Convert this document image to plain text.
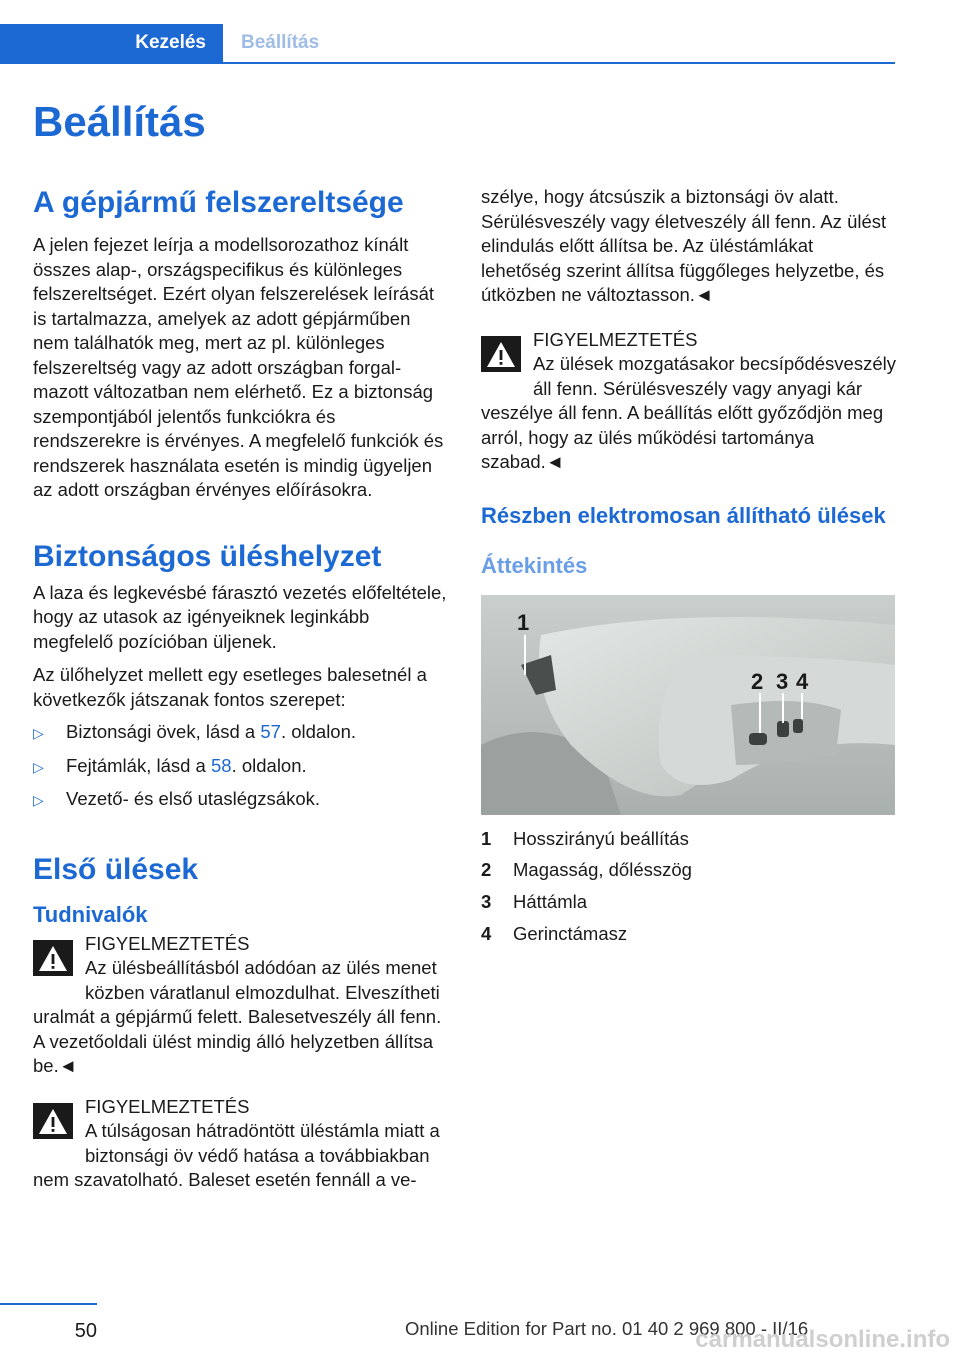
Kezelés	Beállítás
Beállítás
A gépjármű felszereltsége

A jelen fejezet leírja a modellsorozathoz kínált összes alap-, országspecifikus és különleges felszereltséget. Ezért olyan felszerelések leírását is tartalmazza, amelyek az adott gépjárműben nem találhatók meg, mert az pl. különleges felszereltség vagy az adott országban forgalmazott változatban nem elérhető. Ez a biztonság szempontjából jelentős funkciókra és rendszerekre is érvényes. A megfelelő funkciók és rendszerek használata esetén is mindig ügyeljen az adott országban érvényes előírásokra.

Biztonságos üléshelyzet

A laza és legkevésbé fárasztó vezetés előfeltétele, hogy az utasok az igényeiknek leginkább megfelelő pozícióban üljenek.

Az ülőhelyzet mellett egy esetleges balesetnél a következők játszanak fontos szerepet:

▷ Biztonsági övek, lásd a 57. oldalon.
▷ Fejtámlák, lásd a 58. oldalon.
▷ Vezető- és első utaslégzsákok.
Első ülések
Tudnivalók

FIGYELMEZTETÉS

Az ülésbeállításból adódóan az ülés menet közben váratlanul elmozdulhat. Elveszítheti uralmát a gépjármű felett. Balesetveszély áll fenn. A vezetőoldali ülést mindig álló helyzetben állítsa be.◄

FIGYELMEZTETÉS

A túlságosan hátradöntött üléstámla miatt a biztonsági öv védő hatása a továbbiakban nem szavatolható. Baleset esetén fennáll a ve-

szélye, hogy átcsúszik a biztonsági öv alatt. Sérülésveszély vagy életveszély áll fenn. Az ülést elindulás előtt állítsa be. Az üléstámlákat lehetőség szerint állítsa függőleges helyzetbe, és útközben ne változtasson.◄

FIGYELMEZTETÉS

Az ülések mozgatásakor becsípődésveszély áll fenn. Sérülésveszély vagy anyagi kár veszélye áll fenn. A beállítás előtt győződjön meg arról, hogy az ülés működési tartománya szabad.◄

Részben elektromosan állítható ülések
Áttekintés
1
2 3 4
1	Hosszirányú beállítás
2	Magasság, dőlésszög
3	Háttámla
4	Gerinctámasz
50	Online Edition for Part no. 01 40 2 969 800 - II/16
carmanualsonline.info
